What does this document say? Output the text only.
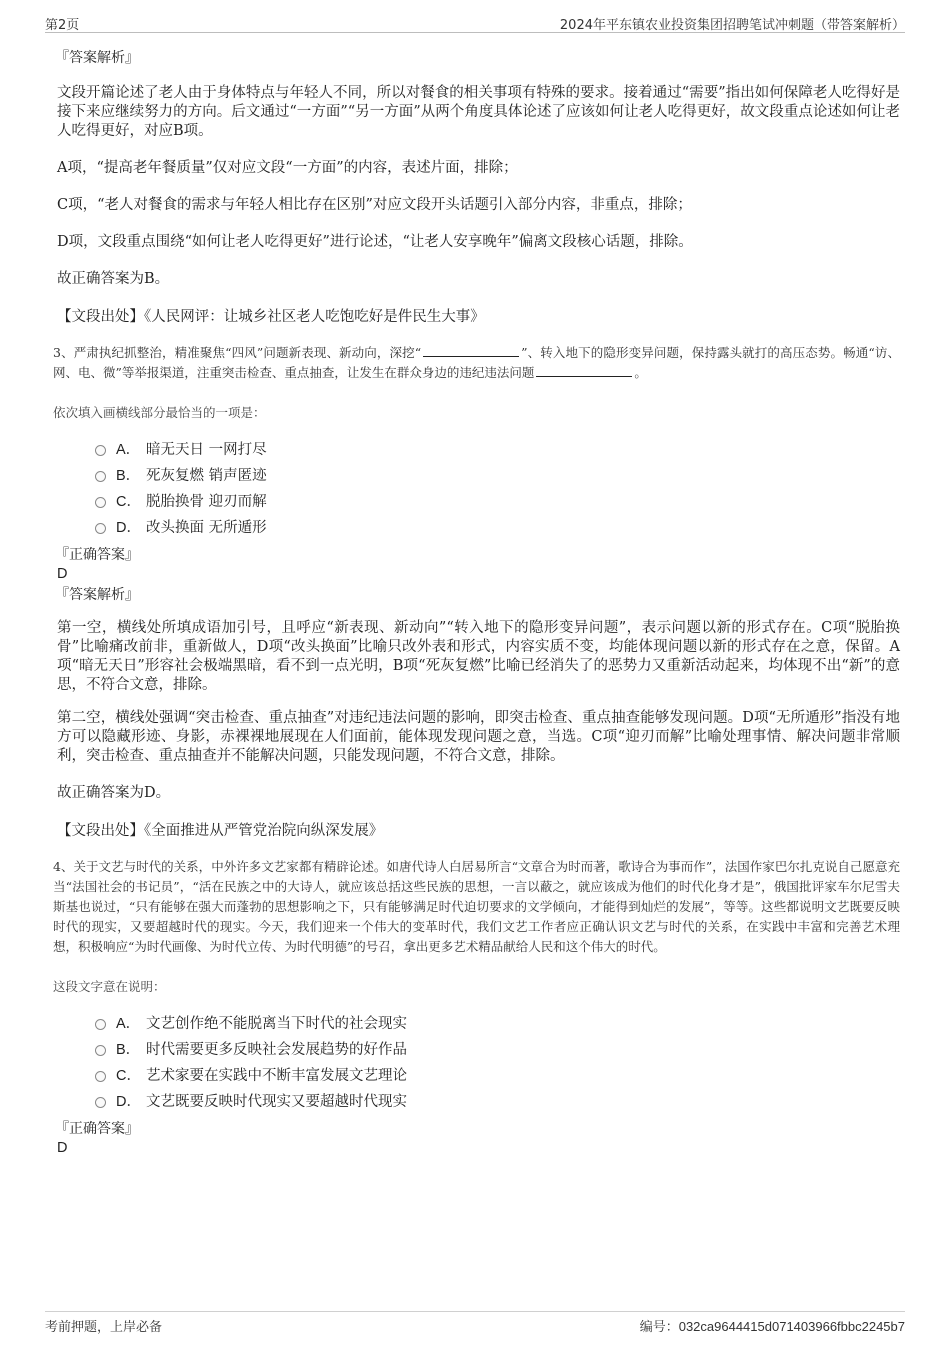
第2页	2024年平东镇农业投资集团招聘笔试冲刺题（带答案解析）
『答案解析』
文段开篇论述了老人由于身体特点与年轻人不同，所以对餐食的相关事项有特殊的要求。接着通过“需要”指出如何保障老人吃得好是接下来应继续努力的方向。后文通过“一方面”“另一方面”从两个角度具体论述了应该如何让老人吃得更好，故文段重点论述如何让老人吃得更好，对应B项。
A项，“提高老年餐质量”仅对应文段“一方面”的内容，表述片面，排除；
C项，“老人对餐食的需求与年轻人相比存在区别”对应文段开头话题引入部分内容，非重点，排除；
D项，文段重点围绕“如何让老人吃得更好”进行论述，“让老人安享晚年”偏离文段核心话题，排除。
故正确答案为B。
【文段出处】《人民网评：让城乡社区老人吃饱吃好是件民生大事》
3、严肃执纪抓整治，精准聚焦“四风”问题新表现、新动向，深挖“	”、转入地下的隐形变异问题，保持露头就打的高压态势。畅通“访、网、电、微”等举报渠道，注重突击检查、重点抽查，让发生在群众身边的违纪违法问题	。
依次填入画横线部分最恰当的一项是：
A． 暗无天日 一网打尽
B． 死灰复燃 销声匿迹
C． 脱胎换骨 迎刃而解
D． 改头换面 无所遁形
『正确答案』
D
『答案解析』
第一空，横线处所填成语加引号，且呼应“新表现、新动向”“转入地下的隐形变异问题”，表示问题以新的形式存在。C项“脱胎换骨”比喻痛改前非，重新做人，D项“改头换面”比喻只改外表和形式，内容实质不变，均能体现问题以新的形式存在之意，保留。A项“暗无天日”形容社会极端黑暗，看不到一点光明，B项“死灰复燃”比喻已经消失了的恶势力又重新活动起来，均体现不出“新”的意思，不符合文意，排除。
第二空，横线处强调“突击检查、重点抽查”对违纪违法问题的影响，即突击检查、重点抽查能够发现问题。D项“无所遁形”指没有地方可以隐藏形迹、身影，赤裸裸地展现在人们面前，能体现发现问题之意，当选。C项“迎刃而解”比喻处理事情、解决问题非常顺利，突击检查、重点抽查并不能解决问题，只能发现问题，不符合文意，排除。
故正确答案为D。
【文段出处】《全面推进从严管党治院向纵深发展》
4、关于文艺与时代的关系，中外许多文艺家都有精辟论述。如唐代诗人白居易所言“文章合为时而著，歌诗合为事而作”，法国作家巴尔扎克说自己愿意充当“法国社会的书记员”，“活在民族之中的大诗人，就应该总括这些民族的思想，一言以蔽之，就应该成为他们的时代化身才是”，俄国批评家车尔尼雪夫斯基也说过，“只有能够在强大而蓬勃的思想影响之下，只有能够满足时代迫切要求的文学倾向，才能得到灿烂的发展”，等等。这些都说明文艺既要反映时代的现实，又要超越时代的现实。今天，我们迎来一个伟大的变革时代，我们文艺工作者应正确认识文艺与时代的关系，在实践中丰富和完善艺术理想，积极响应“为时代画像、为时代立传、为时代明德”的号召，拿出更多艺术精品献给人民和这个伟大的时代。
这段文字意在说明：
A． 文艺创作绝不能脱离当下时代的社会现实
B． 时代需要更多反映社会发展趋势的好作品
C． 艺术家要在实践中不断丰富发展文艺理论
D． 文艺既要反映时代现实又要超越时代现实
『正确答案』
D
考前押题，上岸必备	编号：032ca9644415d071403966fbbc2245b7
